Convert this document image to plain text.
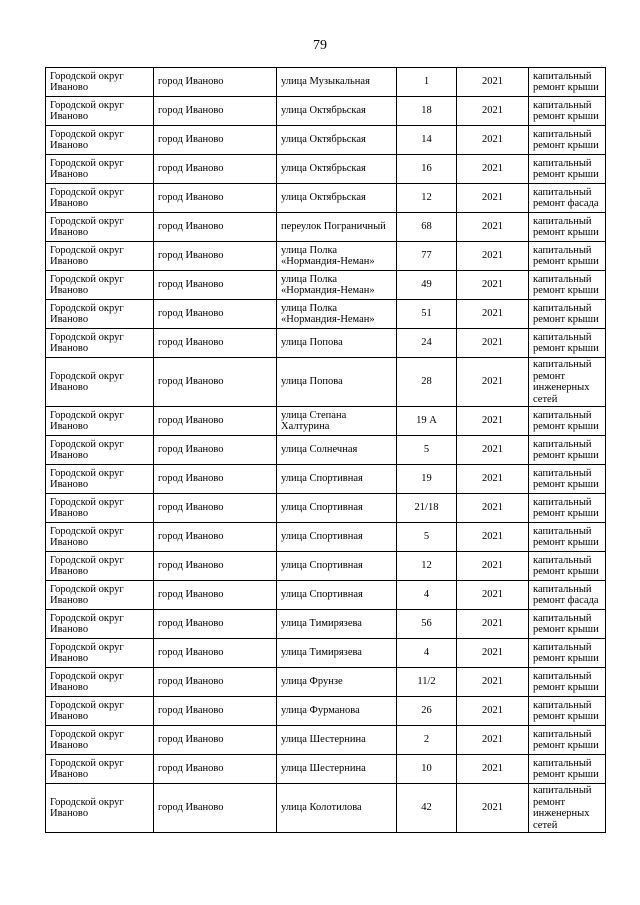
79
Городской округ Иваново	город Иваново	улица Музыкальная	1	2021	капитальный ремонт крыши
Городской округ Иваново	город Иваново	улица Октябрьская	18	2021	капитальный ремонт крыши
Городской округ Иваново	город Иваново	улица Октябрьская	14	2021	капитальный ремонт крыши
Городской округ Иваново	город Иваново	улица Октябрьская	16	2021	капитальный ремонт крыши
Городской округ Иваново	город Иваново	улица Октябрьская	12	2021	капитальный ремонт фасада
Городской округ Иваново	город Иваново	переулок Пограничный	68	2021	капитальный ремонт крыши
Городской округ Иваново	город Иваново	улица Полка «Нормандия-Неман»	77	2021	капитальный ремонт крыши
Городской округ Иваново	город Иваново	улица Полка «Нормандия-Неман»	49	2021	капитальный ремонт крыши
Городской округ Иваново	город Иваново	улица Полка «Нормандия-Неман»	51	2021	капитальный ремонт крыши
Городской округ Иваново	город Иваново	улица Попова	24	2021	капитальный ремонт крыши
Городской округ Иваново	город Иваново	улица Попова	28	2021	капитальный ремонт инженерных сетей
Городской округ Иваново	город Иваново	улица Степана Халтурина	19 А	2021	капитальный ремонт крыши
Городской округ Иваново	город Иваново	улица Солнечная	5	2021	капитальный ремонт крыши
Городской округ Иваново	город Иваново	улица Спортивная	19	2021	капитальный ремонт крыши
Городской округ Иваново	город Иваново	улица Спортивная	21/18	2021	капитальный ремонт крыши
Городской округ Иваново	город Иваново	улица Спортивная	5	2021	капитальный ремонт крыши
Городской округ Иваново	город Иваново	улица Спортивная	12	2021	капитальный ремонт крыши
Городской округ Иваново	город Иваново	улица Спортивная	4	2021	капитальный ремонт фасада
Городской округ Иваново	город Иваново	улица Тимирязева	56	2021	капитальный ремонт крыши
Городской округ Иваново	город Иваново	улица Тимирязева	4	2021	капитальный ремонт крыши
Городской округ Иваново	город Иваново	улица Фрунзе	11/2	2021	капитальный ремонт крыши
Городской округ Иваново	город Иваново	улица Фурманова	26	2021	капитальный ремонт крыши
Городской округ Иваново	город Иваново	улица Шестернина	2	2021	капитальный ремонт крыши
Городской округ Иваново	город Иваново	улица Шестернина	10	2021	капитальный ремонт крыши
Городской округ Иваново	город Иваново	улица Колотилова	42	2021	капитальный ремонт инженерных сетей
